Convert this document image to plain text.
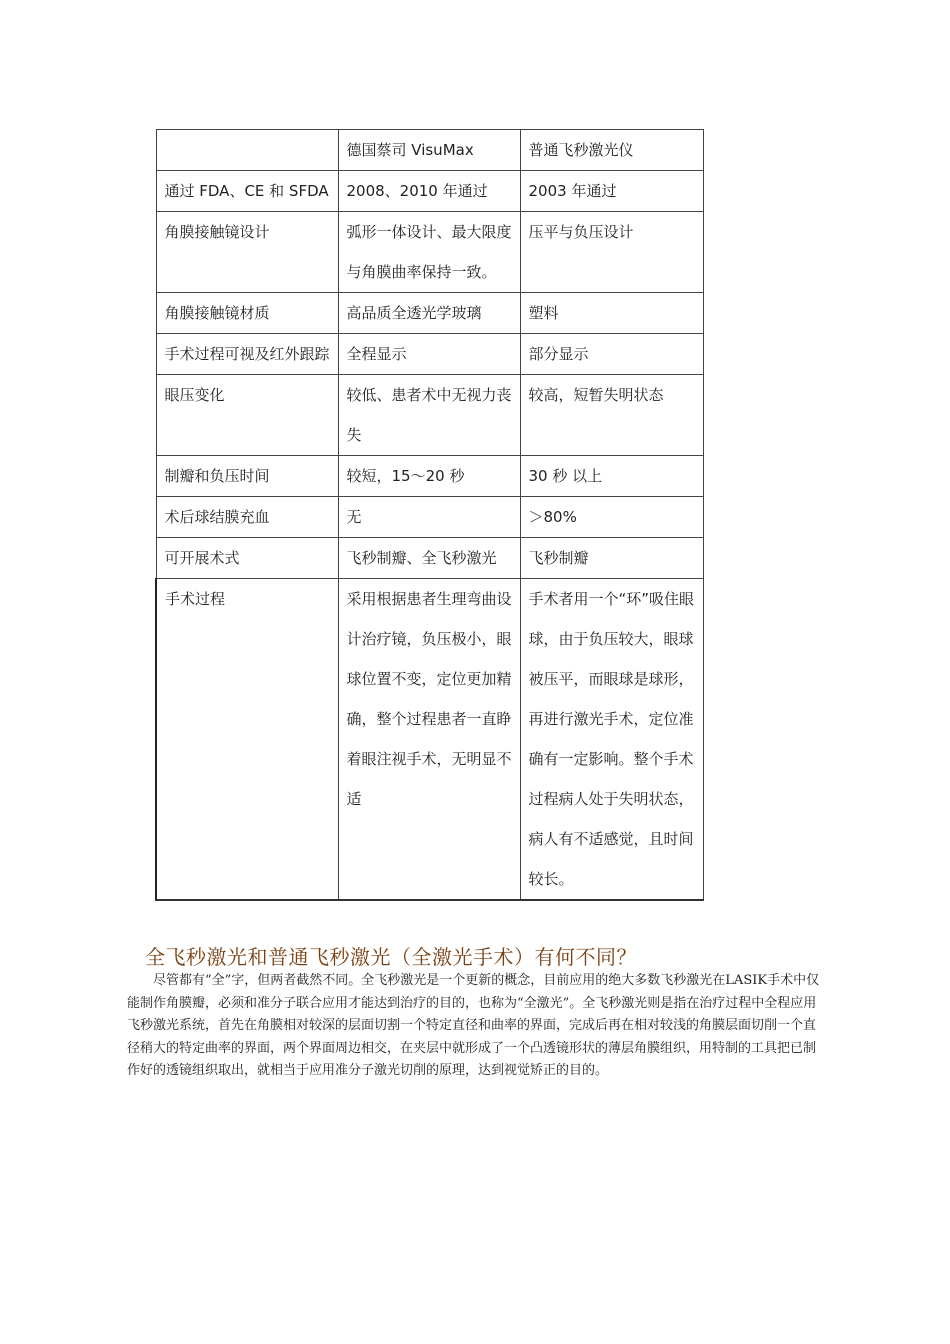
	德国蔡司 VisuMax	普通飞秒激光仪
通过 FDA、CE 和 SFDA	2008、2010 年通过	2003 年通过
角膜接触镜设计	弧形一体设计、最大限度与角膜曲率保持一致。	压平与负压设计
角膜接触镜材质	高品质全透光学玻璃	塑料
手术过程可视及红外跟踪	全程显示	部分显示
眼压变化	较低、患者术中无视力丧失	较高，短暂失明状态
制瓣和负压时间	较短，15～20 秒	30 秒 以上
术后球结膜充血	无	＞80%
可开展术式	飞秒制瓣、全飞秒激光	飞秒制瓣
手术过程	采用根据患者生理弯曲设计治疗镜，负压极小，眼球位置不变，定位更加精确，整个过程患者一直睁着眼注视手术，无明显不适	手术者用一个“环”吸住眼球，由于负压较大，眼球被压平，而眼球是球形，再进行激光手术，定位准确有一定影响。整个手术过程病人处于失明状态，病人有不适感觉，且时间较长。
全飞秒激光和普通飞秒激光（全激光手术）有何不同？

尽管都有“全”字，但两者截然不同。全飞秒激光是一个更新的概念，目前应用的绝大多数飞秒激光在LASIK手术中仅能制作角膜瓣，必须和准分子联合应用才能达到治疗的目的，也称为“全激光”。全飞秒激光则是指在治疗过程中全程应用飞秒激光系统，首先在角膜相对较深的层面切割一个特定直径和曲率的界面，完成后再在相对较浅的角膜层面切削一个直径稍大的特定曲率的界面，两个界面周边相交，在夹层中就形成了一个凸透镜形状的薄层角膜组织，用特制的工具把已制作好的透镜组织取出，就相当于应用准分子激光切削的原理，达到视觉矫正的目的。
